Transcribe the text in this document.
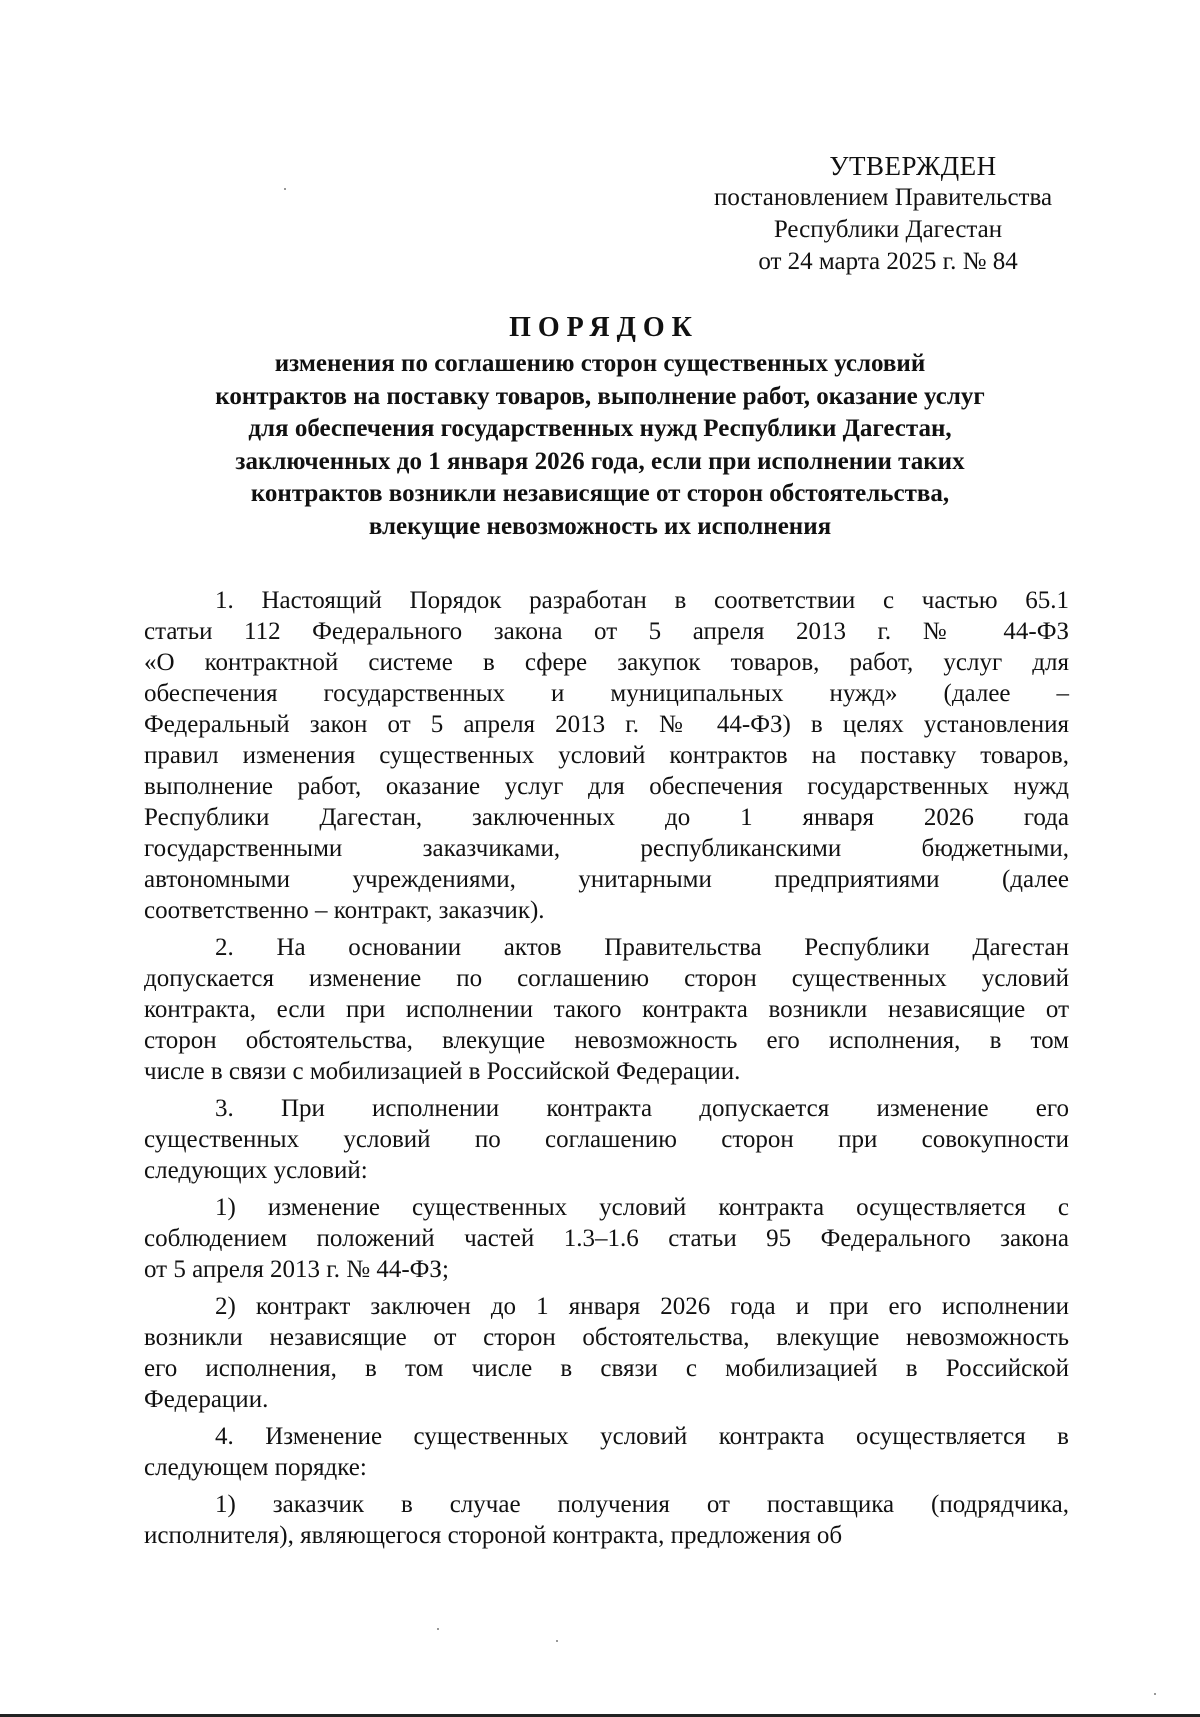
УТВЕРЖДЕН
постановлением Правительства
Республики Дагестан
от 24 марта 2025 г. № 84
ПОРЯДОК
изменения по соглашению сторон существенных условий
контрактов на поставку товаров, выполнение работ, оказание услуг
для обеспечения государственных нужд Республики Дагестан,
заключенных до 1 января 2026 года, если при исполнении таких
контрактов возникли независящие от сторон обстоятельства,
влекущие невозможность их исполнения
1. Настоящий Порядок разработан в соответствии с частью 65.1
статьи 112 Федерального закона от 5 апреля 2013 г. № 44-ФЗ
«О контрактной системе в сфере закупок товаров, работ, услуг для
обеспечения государственных и муниципальных нужд» (далее –
Федеральный закон от 5 апреля 2013 г. № 44-ФЗ) в целях установления
правил изменения существенных условий контрактов на поставку товаров,
выполнение работ, оказание услуг для обеспечения государственных нужд
Республики Дагестан, заключенных до 1 января 2026 года
государственными заказчиками, республиканскими бюджетными,
автономными учреждениями, унитарными предприятиями (далее
соответственно – контракт, заказчик).
2. На основании актов Правительства Республики Дагестан
допускается изменение по соглашению сторон существенных условий
контракта, если при исполнении такого контракта возникли независящие от
сторон обстоятельства, влекущие невозможность его исполнения, в том
числе в связи с мобилизацией в Российской Федерации.
3. При исполнении контракта допускается изменение его
существенных условий по соглашению сторон при совокупности
следующих условий:
1) изменение существенных условий контракта осуществляется с
соблюдением положений частей 1.3–1.6 статьи 95 Федерального закона
от 5 апреля 2013 г. № 44-ФЗ;
2) контракт заключен до 1 января 2026 года и при его исполнении
возникли независящие от сторон обстоятельства, влекущие невозможность
его исполнения, в том числе в связи с мобилизацией в Российской
Федерации.
4. Изменение существенных условий контракта осуществляется в
следующем порядке:
1) заказчик в случае получения от поставщика (подрядчика,
исполнителя), являющегося стороной контракта, предложения об
